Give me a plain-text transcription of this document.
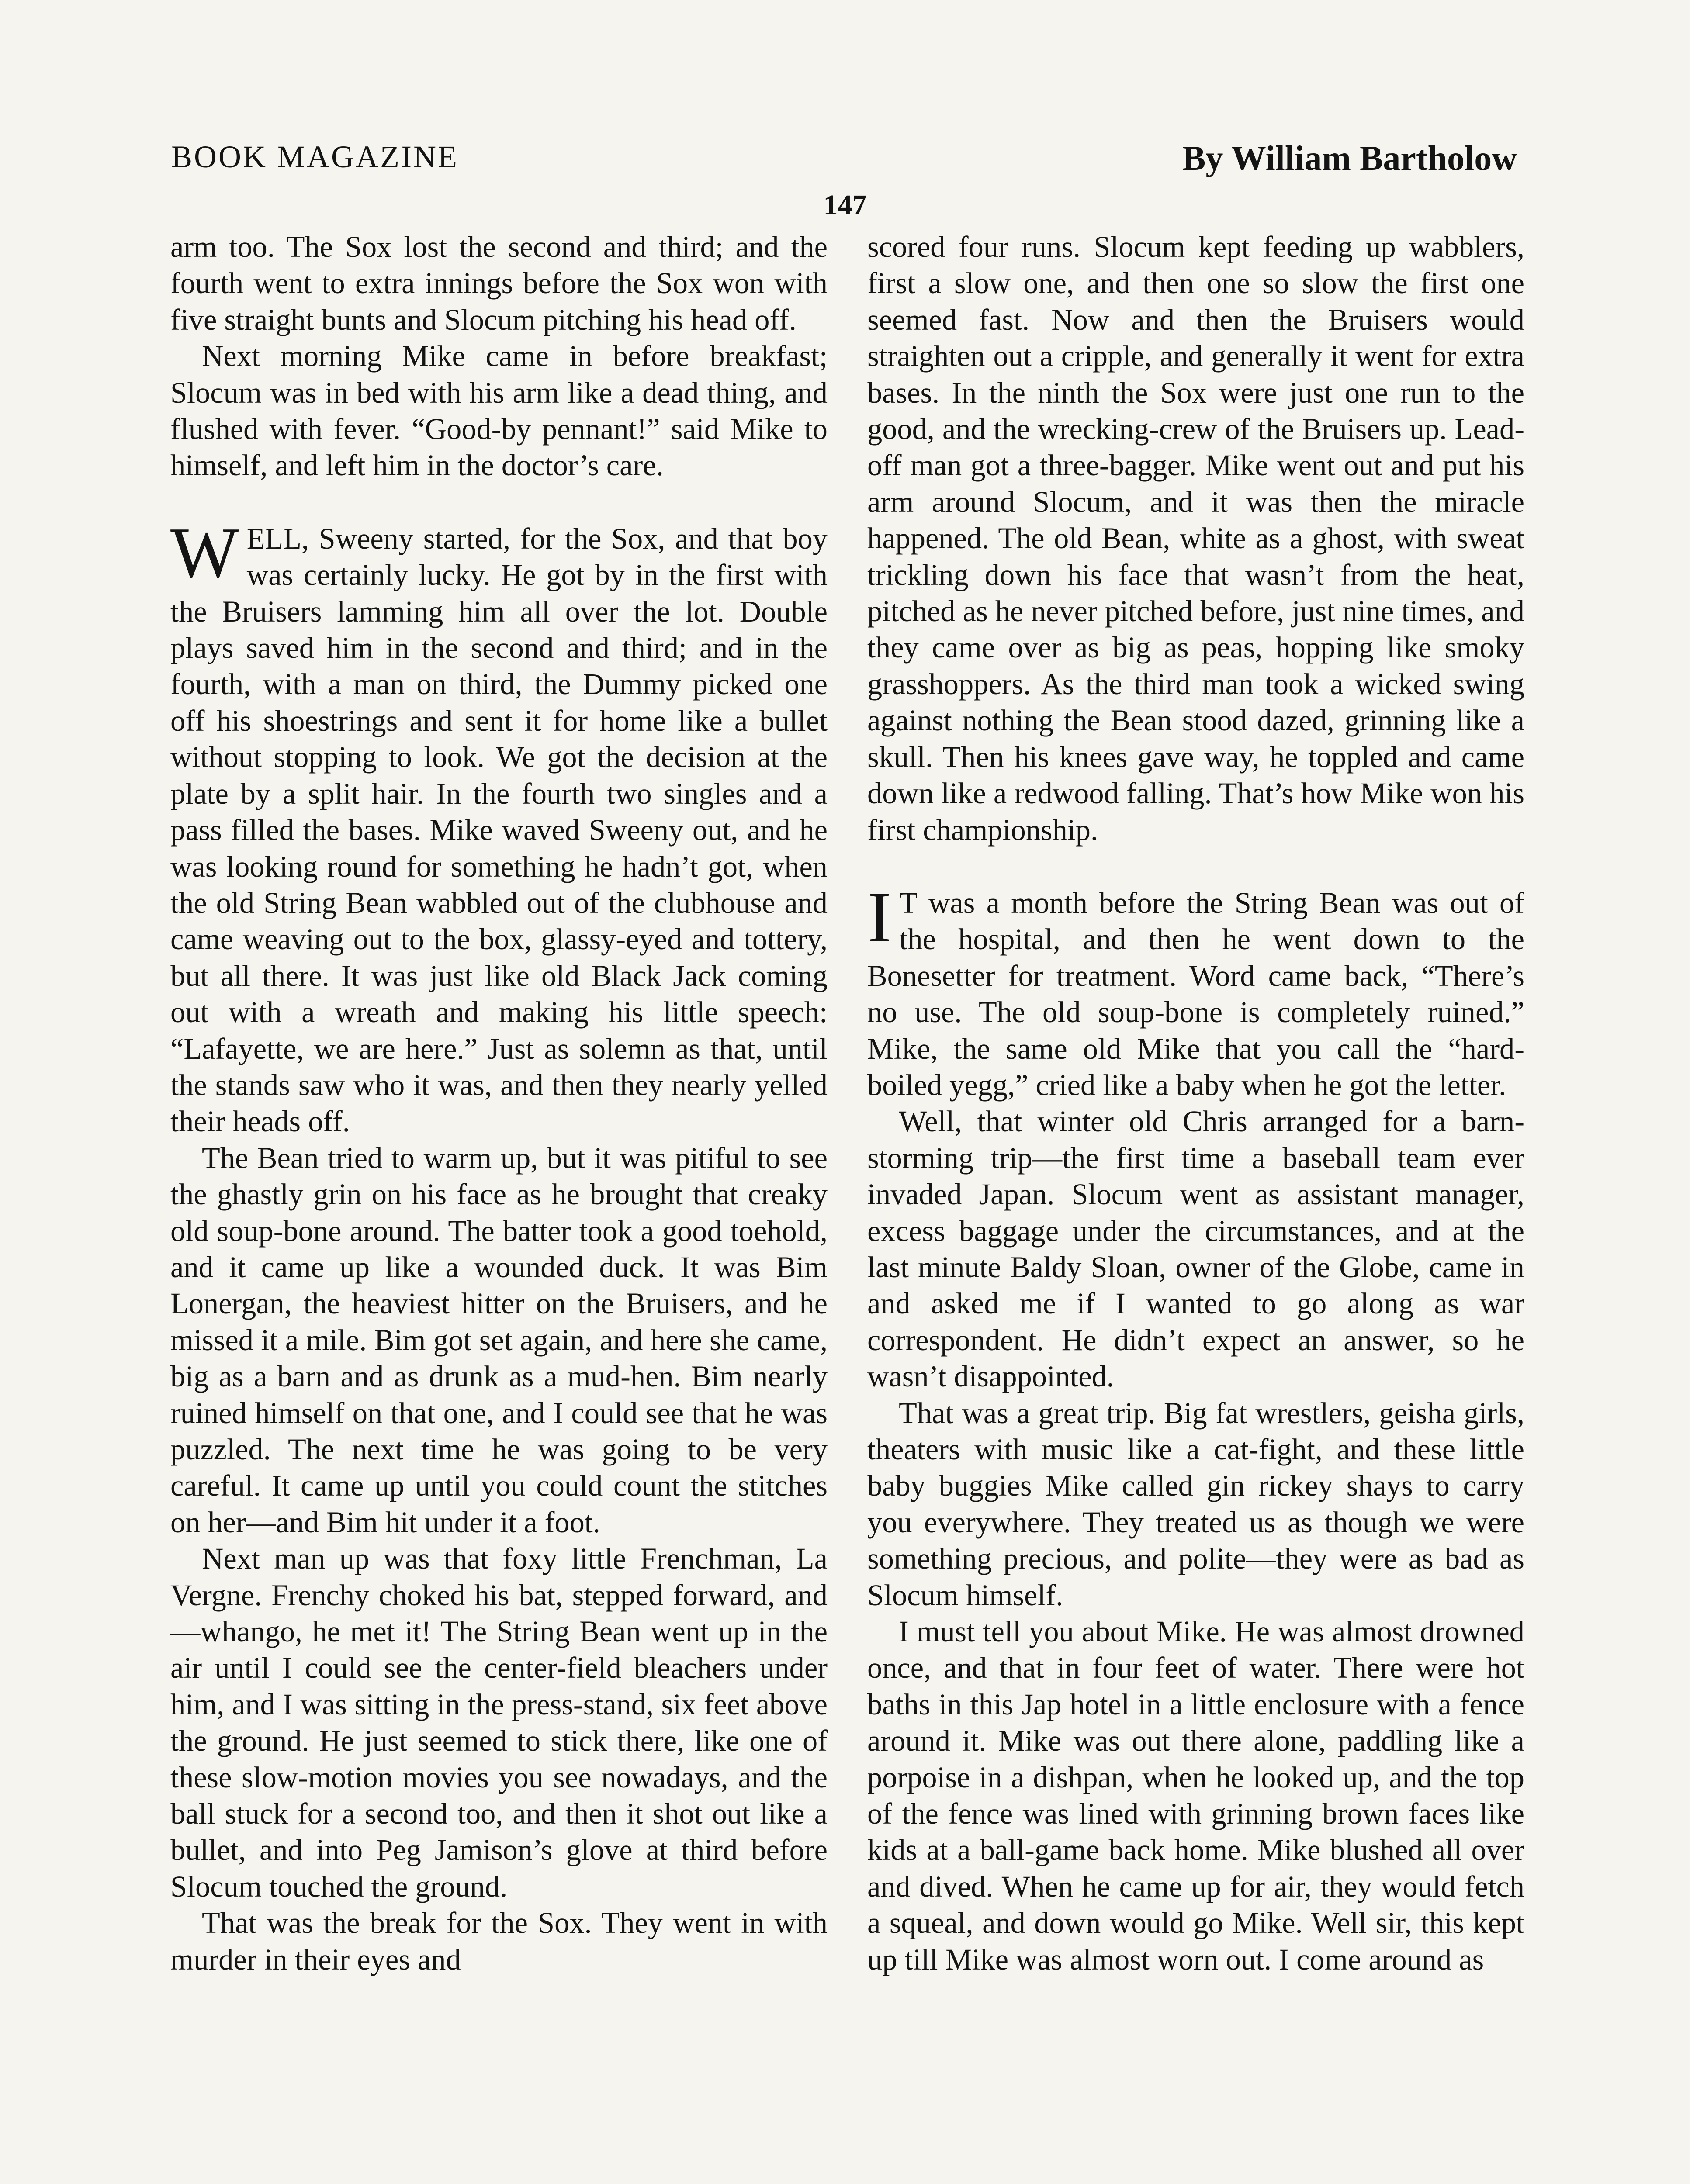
BOOK MAGAZINE	By William Bartholow
147

arm too. The Sox lost the second and third; and the fourth went to extra innings before the Sox won with five straight bunts and Slocum pitching his head off.

Next morning Mike came in before breakfast; Slocum was in bed with his arm like a dead thing, and flushed with fever. “Good-by pennant!” said Mike to himself, and left him in the doctor’s care.

WELL, Sweeny started, for the Sox, and that boy was certainly lucky. He got by in the first with the Bruisers lamming him all over the lot. Double plays saved him in the second and third; and in the fourth, with a man on third, the Dummy picked one off his shoestrings and sent it for home like a bullet without stopping to look. We got the decision at the plate by a split hair. In the fourth two singles and a pass filled the bases. Mike waved Sweeny out, and he was looking round for something he hadn’t got, when the old String Bean wabbled out of the clubhouse and came weaving out to the box, glassy-eyed and tottery, but all there. It was just like old Black Jack coming out with a wreath and making his little speech: “Lafayette, we are here.” Just as solemn as that, until the stands saw who it was, and then they nearly yelled their heads off.

The Bean tried to warm up, but it was pitiful to see the ghastly grin on his face as he brought that creaky old soup-bone around. The batter took a good toehold, and it came up like a wounded duck. It was Bim Lonergan, the heaviest hitter on the Bruisers, and he missed it a mile. Bim got set again, and here she came, big as a barn and as drunk as a mud-hen. Bim nearly ruined himself on that one, and I could see that he was puzzled. The next time he was going to be very careful. It came up until you could count the stitches on her—and Bim hit under it a foot.

Next man up was that foxy little Frenchman, La Vergne. Frenchy choked his bat, stepped forward, and—whango, he met it! The String Bean went up in the air until I could see the center-field bleachers under him, and I was sitting in the press-stand, six feet above the ground. He just seemed to stick there, like one of these slow-motion movies you see nowadays, and the ball stuck for a second too, and then it shot out like a bullet, and into Peg Jamison’s glove at third before Slocum touched the ground.

That was the break for the Sox. They went in with murder in their eyes and

scored four runs. Slocum kept feeding up wabblers, first a slow one, and then one so slow the first one seemed fast. Now and then the Bruisers would straighten out a cripple, and generally it went for extra bases. In the ninth the Sox were just one run to the good, and the wrecking-crew of the Bruisers up. Lead-off man got a three-bagger. Mike went out and put his arm around Slocum, and it was then the miracle happened. The old Bean, white as a ghost, with sweat trickling down his face that wasn’t from the heat, pitched as he never pitched before, just nine times, and they came over as big as peas, hopping like smoky grasshoppers. As the third man took a wicked swing against nothing the Bean stood dazed, grinning like a skull. Then his knees gave way, he toppled and came down like a redwood falling. That’s how Mike won his first championship.

IT was a month before the String Bean was out of the hospital, and then he went down to the Bonesetter for treatment. Word came back, “There’s no use. The old soup-bone is completely ruined.” Mike, the same old Mike that you call the “hard-boiled yegg,” cried like a baby when he got the letter.

Well, that winter old Chris arranged for a barn-storming trip—the first time a baseball team ever invaded Japan. Slocum went as assistant manager, excess baggage under the circumstances, and at the last minute Baldy Sloan, owner of the Globe, came in and asked me if I wanted to go along as war correspondent. He didn’t expect an answer, so he wasn’t disappointed.

That was a great trip. Big fat wrestlers, geisha girls, theaters with music like a cat-fight, and these little baby buggies Mike called gin rickey shays to carry you everywhere. They treated us as though we were something precious, and polite—they were as bad as Slocum himself.

I must tell you about Mike. He was almost drowned once, and that in four feet of water. There were hot baths in this Jap hotel in a little enclosure with a fence around it. Mike was out there alone, paddling like a porpoise in a dishpan, when he looked up, and the top of the fence was lined with grinning brown faces like kids at a ball-game back home. Mike blushed all over and dived. When he came up for air, they would fetch a squeal, and down would go Mike. Well sir, this kept up till Mike was almost worn out. I come around as
